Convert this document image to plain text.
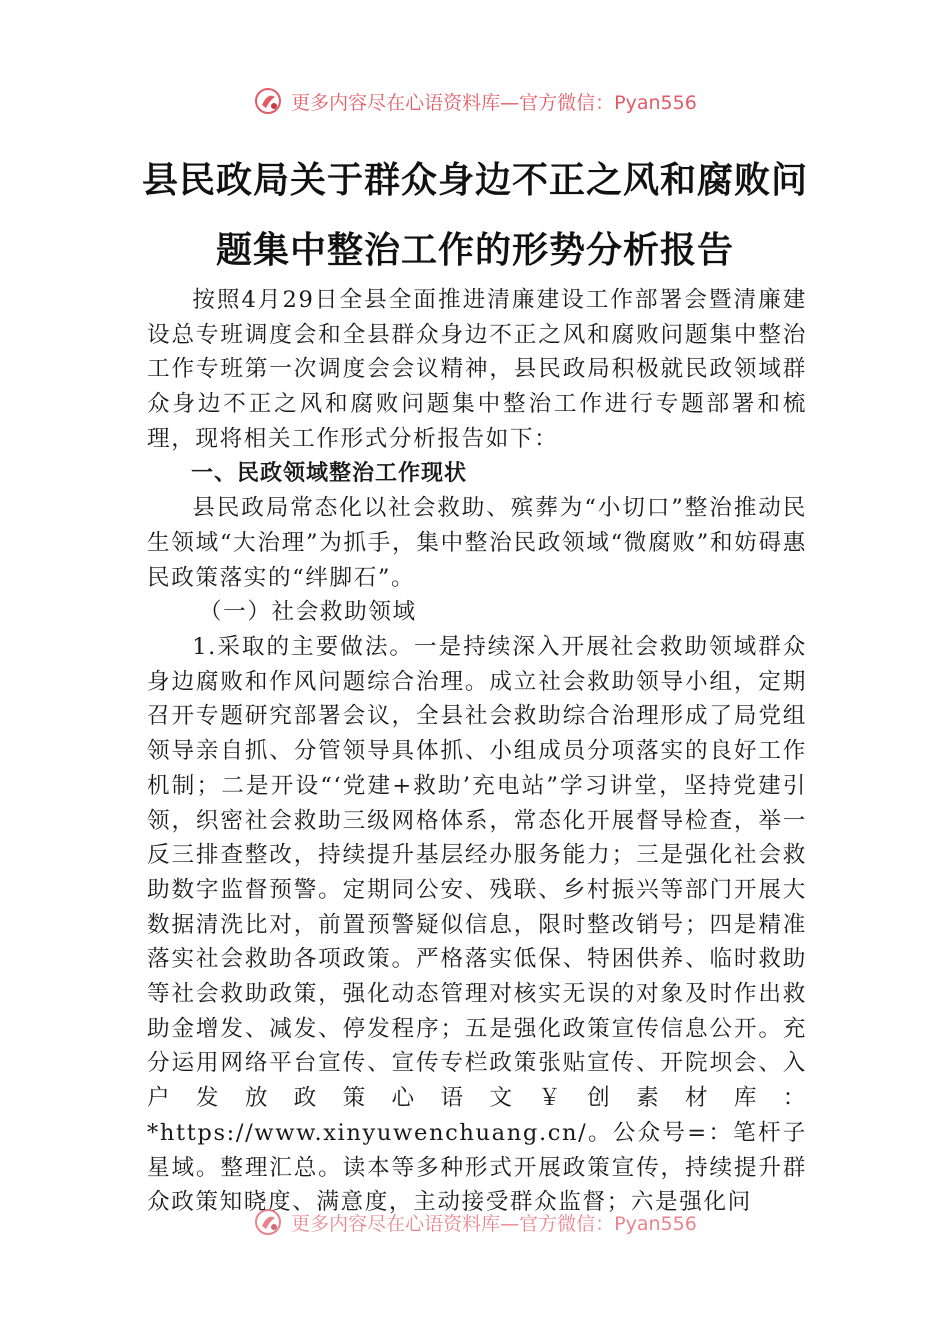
更多内容尽在心语资料库—官方微信：Pyan556
县民政局关于群众身边不正之风和腐败问
题集中整治工作的形势分析报告

按照4月29日全县全面推进清廉建设工作部署会暨清廉建设总专班调度会和全县群众身边不正之风和腐败问题集中整治工作专班第一次调度会会议精神，县民政局积极就民政领域群众身边不正之风和腐败问题集中整治工作进行专题部署和梳理，现将相关工作形式分析报告如下：

一、民政领域整治工作现状

县民政局常态化以社会救助、殡葬为“小切口”整治推动民生领域“大治理”为抓手，集中整治民政领域“微腐败”和妨碍惠民政策落实的“绊脚石”。

（一）社会救助领域

1.采取的主要做法。一是持续深入开展社会救助领域群众身边腐败和作风问题综合治理。成立社会救助领导小组，定期召开专题研究部署会议，全县社会救助综合治理形成了局党组领导亲自抓、分管领导具体抓、小组成员分项落实的良好工作机制；二是开设“‘党建+救助’充电站”学习讲堂，坚持党建引领，织密社会救助三级网格体系，常态化开展督导检查，举一反三排查整改，持续提升基层经办服务能力；三是强化社会救助数字监督预警。定期同公安、残联、乡村振兴等部门开展大数据清洗比对，前置预警疑似信息，限时整改销号；四是精准落实社会救助各项政策。严格落实低保、特困供养、临时救助等社会救助政策，强化动态管理对核实无误的对象及时作出救助金增发、减发、停发程序；五是强化政策宣传信息公开。充分运用网络平台宣传、宣传专栏政策张贴宣传、开院坝会、入户发放政策心语文￥创素材库：*https://www.xinyuwenchuang.cn/。公众号=：笔杆子星域。整理汇总。读本等多种形式开展政策宣传，持续提升群众政策知晓度、满意度，主动接受群众监督；六是强化问

更多内容尽在心语资料库—官方微信：Pyan556
